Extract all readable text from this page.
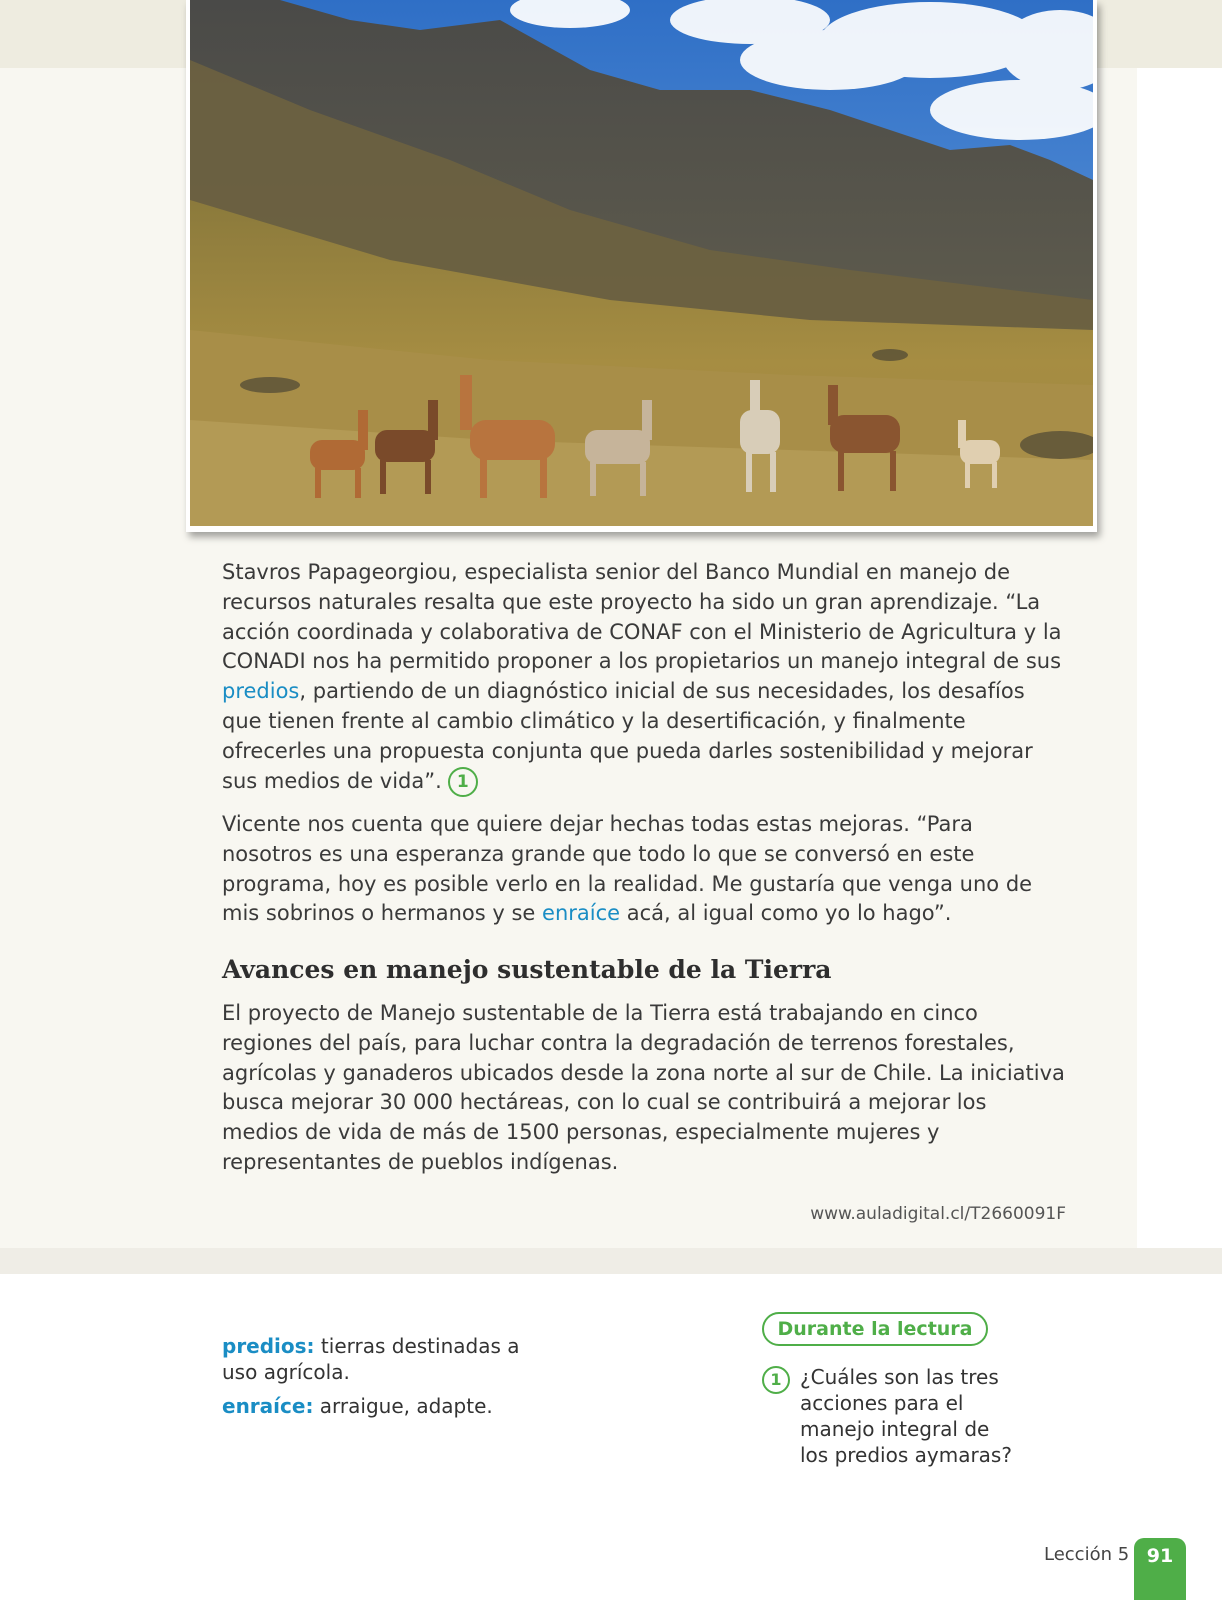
Stavros Papageorgiou, especialista senior del Banco Mundial en manejo de recursos naturales resalta que este proyecto ha sido un gran aprendizaje. “La acción coordinada y colaborativa de CONAF con el Ministerio de Agricultura y la CONADI nos ha permitido proponer a los propietarios un manejo integral de sus predios, partiendo de un diagnóstico inicial de sus necesidades, los desafíos que tienen frente al cambio climático y la desertificación, y finalmente ofrecerles una propuesta conjunta que pueda darles sostenibilidad y mejorar sus medios de vida”. 1

Vicente nos cuenta que quiere dejar hechas todas estas mejoras. “Para nosotros es una esperanza grande que todo lo que se conversó en este programa, hoy es posible verlo en la realidad. Me gustaría que venga uno de mis sobrinos o hermanos y se enraíce acá, al igual como yo lo hago”.

Avances en manejo sustentable de la Tierra

El proyecto de Manejo sustentable de la Tierra está trabajando en cinco regiones del país, para luchar contra la degradación de terrenos forestales, agrícolas y ganaderos ubicados desde la zona norte al sur de Chile. La iniciativa busca mejorar 30 000 hectáreas, con lo cual se contribuirá a mejorar los medios de vida de más de 1500 personas, especialmente mujeres y representantes de pueblos indígenas.

www.auladigital.cl/T2660091F

predios: tierras destinadas a uso agrícola.

enraíce: arraigue, adapte.

Durante la lectura
1 ¿Cuáles son las tres acciones para el manejo integral de los predios aymaras?

Lección 5 91
